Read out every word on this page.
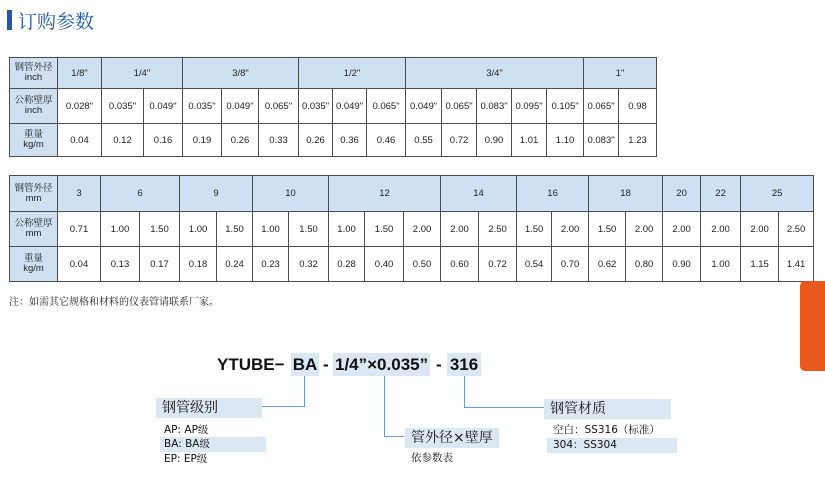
订购参数
钢管外径
inch	1/8"	1/4"		3/8"			1/2"			3/4"					1"	

公称壁厚
inch	0.028"	0.035"	0.049"	0.035"	0.049"	0.065"	0.035"	0.049"	0.065"	0.049"	0.065"	0.083"	0.095"	0.105"	0.065"	0.98

重量
kg/m	0.04	0.12	0.16	0.19	0.26	0.33	0.26	0.36	0.46	0.55	0.72	0.90	1.01	1.10	0.083"	1.23
钢管外径
mm	3	6		9		10		12			14		16		18		20	22	25	

公称壁厚
mm	0.71	1.00	1.50	1.00	1.50	1.00	1.50	1.00	1.50	2.00	2.00	2.50	1.50	2.00	1.50	2.00	2.00	2.00	2.00	2.50

重量
kg/m	0.04	0.13	0.17	0.18	0.24	0.23	0.32	0.28	0.40	0.50	0.60	0.72	0.54	0.70	0.62	0.80	0.90	1.00	1.15	1.41
注：如需其它规格和材料的仪表管请联系厂家。
YTUBE− BA - 1/4”×0.035” - 316
钢管级别
AP: AP级
BA: BA级
EP: EP级
管外径×壁厚
依参数表
钢管材质
空白：SS316（标准）
304：SS304
